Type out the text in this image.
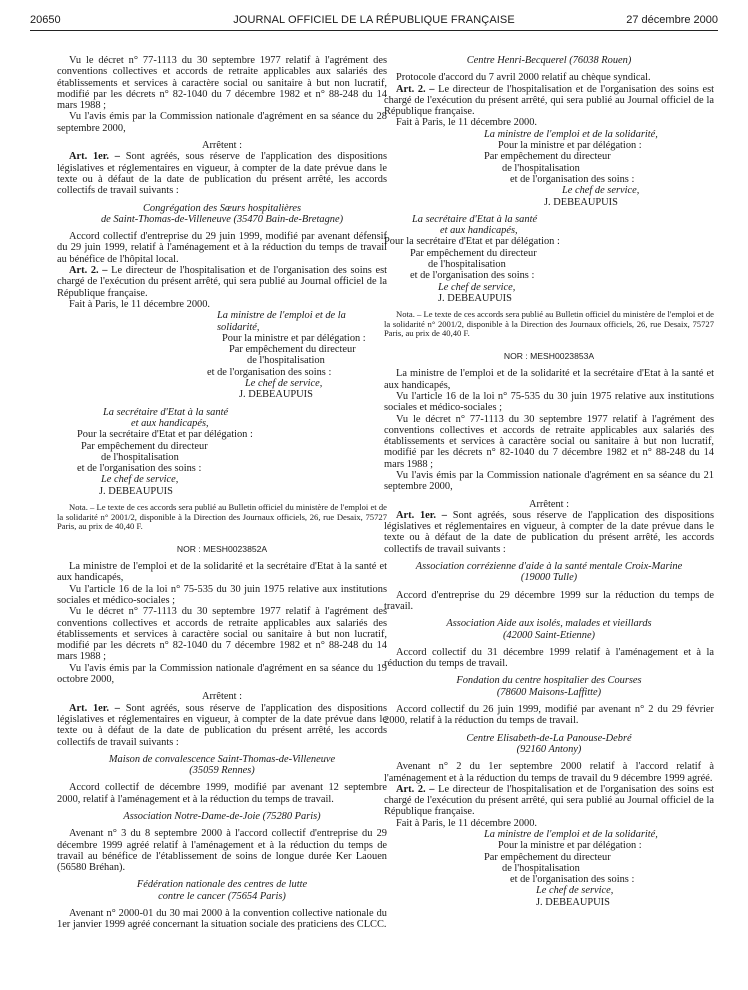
20650	JOURNAL OFFICIEL DE LA RÉPUBLIQUE FRANÇAISE	27 décembre 2000

Vu le décret n° 77-1113 du 30 septembre 1977 relatif à l'agrément des conventions collectives et accords de retraite applicables aux salariés des établissements et services à caractère social ou sanitaire à but non lucratif, modifié par les décrets n° 82-1040 du 7 décembre 1982 et n° 88-248 du 14 mars 1988 ;

Vu l'avis émis par la Commission nationale d'agrément en sa séance du 28 septembre 2000,

Arrêtent :

Art. 1er. – Sont agréés, sous réserve de l'application des dispositions législatives et réglementaires en vigueur, à compter de la date prévue dans le texte ou à défaut de la date de publication du présent arrêté, les accords collectifs de travail suivants :

Congrégation des Sœurs hospitalières

de Saint-Thomas-de-Villeneuve (35470 Bain-de-Bretagne)

Accord collectif d'entreprise du 29 juin 1999, modifié par avenant défensif du 29 juin 1999, relatif à l'aménagement et à la réduction du temps de travail au bénéfice de l'hôpital local.

Art. 2. – Le directeur de l'hospitalisation et de l'organisation des soins est chargé de l'exécution du présent arrêté, qui sera publié au Journal officiel de la République française.

Fait à Paris, le 11 décembre 2000.

La ministre de l'emploi et de la solidarité,

Pour la ministre et par délégation :

Par empêchement du directeur

de l'hospitalisation

et de l'organisation des soins :

Le chef de service,

J. DEBEAUPUIS

La secrétaire d'Etat à la santé

et aux handicapés,

Pour la secrétaire d'Etat et par délégation :

Par empêchement du directeur

de l'hospitalisation

et de l'organisation des soins :

Le chef de service,

J. DEBEAUPUIS

Nota. – Le texte de ces accords sera publié au Bulletin officiel du ministère de l'emploi et de la solidarité n° 2001/2, disponible à la Direction des Journaux officiels, 26, rue Desaix, 75727 Paris, au prix de 40,40 F.

NOR : MESH0023852A

La ministre de l'emploi et de la solidarité et la secrétaire d'Etat à la santé et aux handicapés,

Vu l'article 16 de la loi n° 75-535 du 30 juin 1975 relative aux institutions sociales et médico-sociales ;

Vu le décret n° 77-1113 du 30 septembre 1977 relatif à l'agrément des conventions collectives et accords de retraite applicables aux salariés des établissements et services à caractère social ou sanitaire à but non lucratif, modifié par les décrets n° 82-1040 du 7 décembre 1982 et n° 88-248 du 14 mars 1988 ;

Vu l'avis émis par la Commission nationale d'agrément en sa séance du 19 octobre 2000,

Arrêtent :

Art. 1er. – Sont agréés, sous réserve de l'application des dispositions législatives et réglementaires en vigueur, à compter de la date prévue dans le texte ou à défaut de la date de publication du présent arrêté, les accords collectifs de travail suivants :

Maison de convalescence Saint-Thomas-de-Villeneuve

(35059 Rennes)

Accord collectif de décembre 1999, modifié par avenant 12 septembre 2000, relatif à l'aménagement et à la réduction du temps de travail.

Association Notre-Dame-de-Joie (75280 Paris)

Avenant n° 3 du 8 septembre 2000 à l'accord collectif d'entreprise du 29 décembre 1999 agréé relatif à l'aménagement et à la réduction du temps de travail au bénéfice de l'établissement de soins de longue durée Ker Laouen (56580 Bréhan).

Fédération nationale des centres de lutte

contre le cancer (75654 Paris)

Avenant n° 2000-01 du 30 mai 2000 à la convention collective nationale du 1er janvier 1999 agréé concernant la situation sociale des praticiens des CLCC.

Centre Henri-Becquerel (76038 Rouen)

Protocole d'accord du 7 avril 2000 relatif au chèque syndical.

Art. 2. – Le directeur de l'hospitalisation et de l'organisation des soins est chargé de l'exécution du présent arrêté, qui sera publié au Journal officiel de la République française.

Fait à Paris, le 11 décembre 2000.

La ministre de l'emploi et de la solidarité,

Pour la ministre et par délégation :

Par empêchement du directeur

de l'hospitalisation

et de l'organisation des soins :

Le chef de service,

J. DEBEAUPUIS

La secrétaire d'Etat à la santé

et aux handicapés,

Pour la secrétaire d'Etat et par délégation :

Par empêchement du directeur

de l'hospitalisation

et de l'organisation des soins :

Le chef de service,

J. DEBEAUPUIS

Nota. – Le texte de ces accords sera publié au Bulletin officiel du ministère de l'emploi et de la solidarité n° 2001/2, disponible à la Direction des Journaux officiels, 26, rue Desaix, 75727 Paris, au prix de 40,40 F.

NOR : MESH0023853A

La ministre de l'emploi et de la solidarité et la secrétaire d'Etat à la santé et aux handicapés,

Vu l'article 16 de la loi n° 75-535 du 30 juin 1975 relative aux institutions sociales et médico-sociales ;

Vu le décret n° 77-1113 du 30 septembre 1977 relatif à l'agrément des conventions collectives et accords de retraite applicables aux salariés des établissements et services à caractère social ou sanitaire à but non lucratif, modifié par les décrets n° 82-1040 du 7 décembre 1982 et n° 88-248 du 14 mars 1988 ;

Vu l'avis émis par la Commission nationale d'agrément en sa séance du 21 septembre 2000,

Arrêtent :

Art. 1er. – Sont agréés, sous réserve de l'application des dispositions législatives et réglementaires en vigueur, à compter de la date prévue dans le texte ou à défaut de la date de publication du présent arrêté, les accords collectifs de travail suivants :

Association corrézienne d'aide à la santé mentale Croix-Marine

(19000 Tulle)

Accord d'entreprise du 29 décembre 1999 sur la réduction du temps de travail.

Association Aide aux isolés, malades et vieillards

(42000 Saint-Etienne)

Accord collectif du 31 décembre 1999 relatif à l'aménagement et à la réduction du temps de travail.

Fondation du centre hospitalier des Courses

(78600 Maisons-Laffitte)

Accord collectif du 26 juin 1999, modifié par avenant n° 2 du 29 février 2000, relatif à la réduction du temps de travail.

Centre Elisabeth-de-La Panouse-Debré

(92160 Antony)

Avenant n° 2 du 1er septembre 2000 relatif à l'accord relatif à l'aménagement et à la réduction du temps de travail du 9 décembre 1999 agréé.

Art. 2. – Le directeur de l'hospitalisation et de l'organisation des soins est chargé de l'exécution du présent arrêté, qui sera publié au Journal officiel de la République française.

Fait à Paris, le 11 décembre 2000.

La ministre de l'emploi et de la solidarité,

Pour la ministre et par délégation :

Par empêchement du directeur

de l'hospitalisation

et de l'organisation des soins :

Le chef de service,

J. DEBEAUPUIS
